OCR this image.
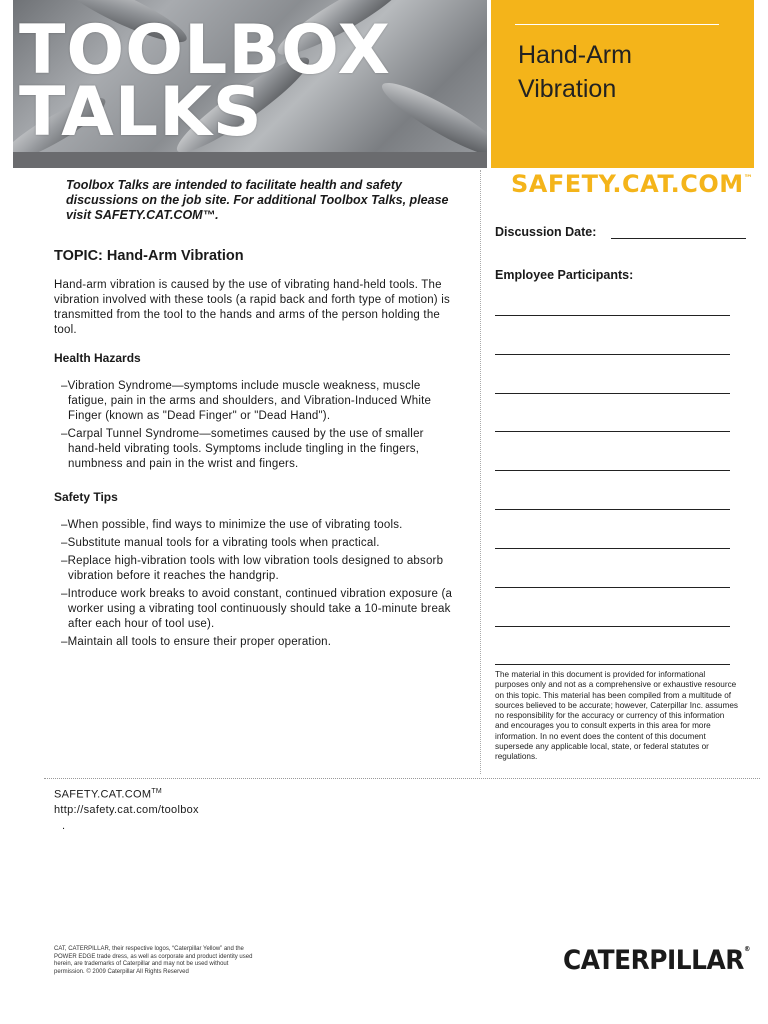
TOOLBOX
TALKS
Hand-Arm
Vibration
SAFETY.CAT.COM™
Toolbox Talks are intended to facilitate health and safety discussions on the job site. For additional Toolbox Talks, please visit SAFETY.CAT.COM™.
TOPIC: Hand-Arm Vibration

Hand-arm vibration is caused by the use of vibrating hand-held tools. The vibration involved with these tools (a rapid back and forth type of motion) is transmitted from the tool to the hands and arms of the person holding the tool.

Health Hazards
– Vibration Syndrome—symptoms include muscle weakness, muscle fatigue, pain in the arms and shoulders, and Vibration-Induced White Finger (known as "Dead Finger" or "Dead Hand").
– Carpal Tunnel Syndrome—sometimes caused by the use of smaller hand-held vibrating tools. Symptoms include tingling in the fingers, numbness and pain in the wrist and fingers.
Safety Tips
– When possible, find ways to minimize the use of vibrating tools.
– Substitute manual tools for a vibrating tools when practical.
– Replace high-vibration tools with low vibration tools designed to absorb vibration before it reaches the handgrip.
– Introduce work breaks to avoid constant, continued vibration exposure (a worker using a vibrating tool continuously should take a 10-minute break after each hour of tool use).
– Maintain all tools to ensure their proper operation.
Discussion Date:
Employee Participants:
The material in this document is provided for informational purposes only and not as a comprehensive or exhaustive resource on this topic. This material has been compiled from a multitude of sources believed to be accurate; however, Caterpillar Inc. assumes no responsibility for the accuracy or currency of this information and encourages you to consult experts in this area for more information. In no event does the content of this document supersede any applicable local, state, or federal statutes or regulations.
SAFETY.CAT.COM™
http://safety.cat.com/toolbox
.
CAT, CATERPILLAR, their respective logos, “Caterpillar Yellow” and the POWER EDGE trade dress, as well as corporate and product identity used herein, are trademarks of Caterpillar and may not be used without permission. © 2009 Caterpillar All Rights Reserved	CATERPILLAR®
